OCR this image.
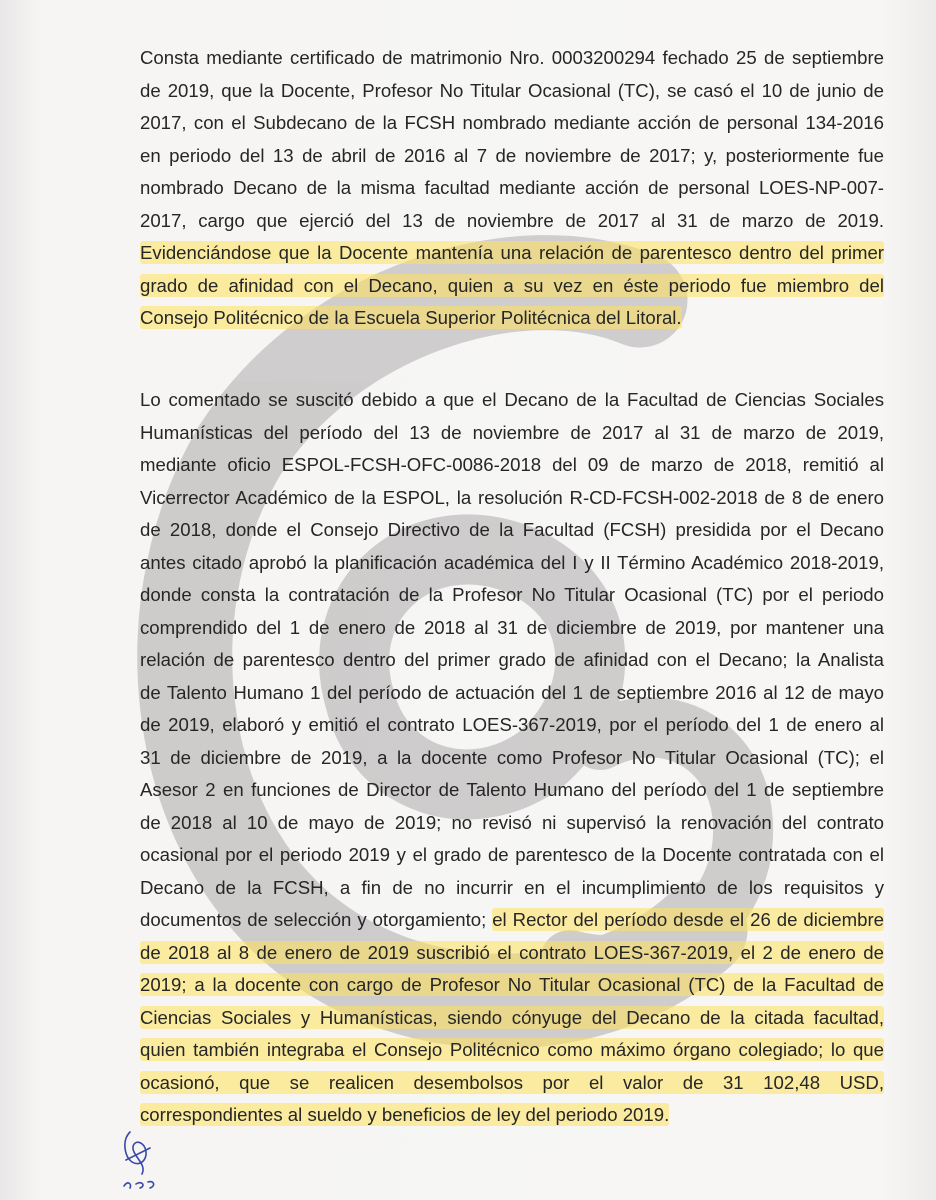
Consta mediante certificado de matrimonio Nro. 0003200294 fechado 25 de septiembre
de 2019, que la Docente, Profesor No Titular Ocasional (TC), se casó el 10 de junio de
2017, con el Subdecano de la FCSH nombrado mediante acción de personal 134-2016
en periodo del 13 de abril de 2016 al 7 de noviembre de 2017; y, posteriormente fue
nombrado Decano de la misma facultad mediante acción de personal LOES-NP-007-
2017, cargo que ejerció del 13 de noviembre de 2017 al 31 de marzo de 2019.
Evidenciándose que la Docente mantenía una relación de parentesco dentro del primer
grado de afinidad con el Decano, quien a su vez en éste periodo fue miembro del
Consejo Politécnico de la Escuela Superior Politécnica del Litoral.
Lo comentado se suscitó debido a que el Decano de la Facultad de Ciencias Sociales
Humanísticas del período del 13 de noviembre de 2017 al 31 de marzo de 2019,
mediante oficio ESPOL-FCSH-OFC-0086-2018 del 09 de marzo de 2018, remitió al
Vicerrector Académico de la ESPOL, la resolución R-CD-FCSH-002-2018 de 8 de enero
de 2018, donde el Consejo Directivo de la Facultad (FCSH) presidida por el Decano
antes citado aprobó la planificación académica del I y II Término Académico 2018-2019,
donde consta la contratación de la Profesor No Titular Ocasional (TC) por el periodo
comprendido del 1 de enero de 2018 al 31 de diciembre de 2019, por mantener una
relación de parentesco dentro del primer grado de afinidad con el Decano; la Analista
de Talento Humano 1 del período de actuación del 1 de septiembre 2016 al 12 de mayo
de 2019, elaboró y emitió el contrato LOES-367-2019, por el período del 1 de enero al
31 de diciembre de 2019, a la docente como Profesor No Titular Ocasional (TC); el
Asesor 2 en funciones de Director de Talento Humano del período del 1 de septiembre
de 2018 al 10 de mayo de 2019; no revisó ni supervisó la renovación del contrato
ocasional por el periodo 2019 y el grado de parentesco de la Docente contratada con el
Decano de la FCSH, a fin de no incurrir en el incumplimiento de los requisitos y
documentos de selección y otorgamiento; el Rector del período desde el 26 de diciembre
de 2018 al 8 de enero de 2019 suscribió el contrato LOES-367-2019, el 2 de enero de
2019; a la docente con cargo de Profesor No Titular Ocasional (TC) de la Facultad de
Ciencias Sociales y Humanísticas, siendo cónyuge del Decano de la citada facultad,
quien también integraba el Consejo Politécnico como máximo órgano colegiado; lo que
ocasionó, que se realicen desembolsos por el valor de 31 102,48 USD,
correspondientes al sueldo y beneficios de ley del periodo 2019.
